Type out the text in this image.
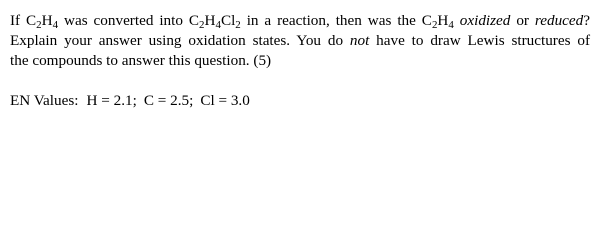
If $C_2H_4$ was converted into $C_2H_4Cl_2$ in a reaction, then was the $C_2H_4$ oxidized or reduced?
Explain your answer using oxidation states. You do not have to draw Lewis structures of
the compounds to answer this question. (5)
EN Values: H = 2.1; C = 2.5; Cl = 3.0
